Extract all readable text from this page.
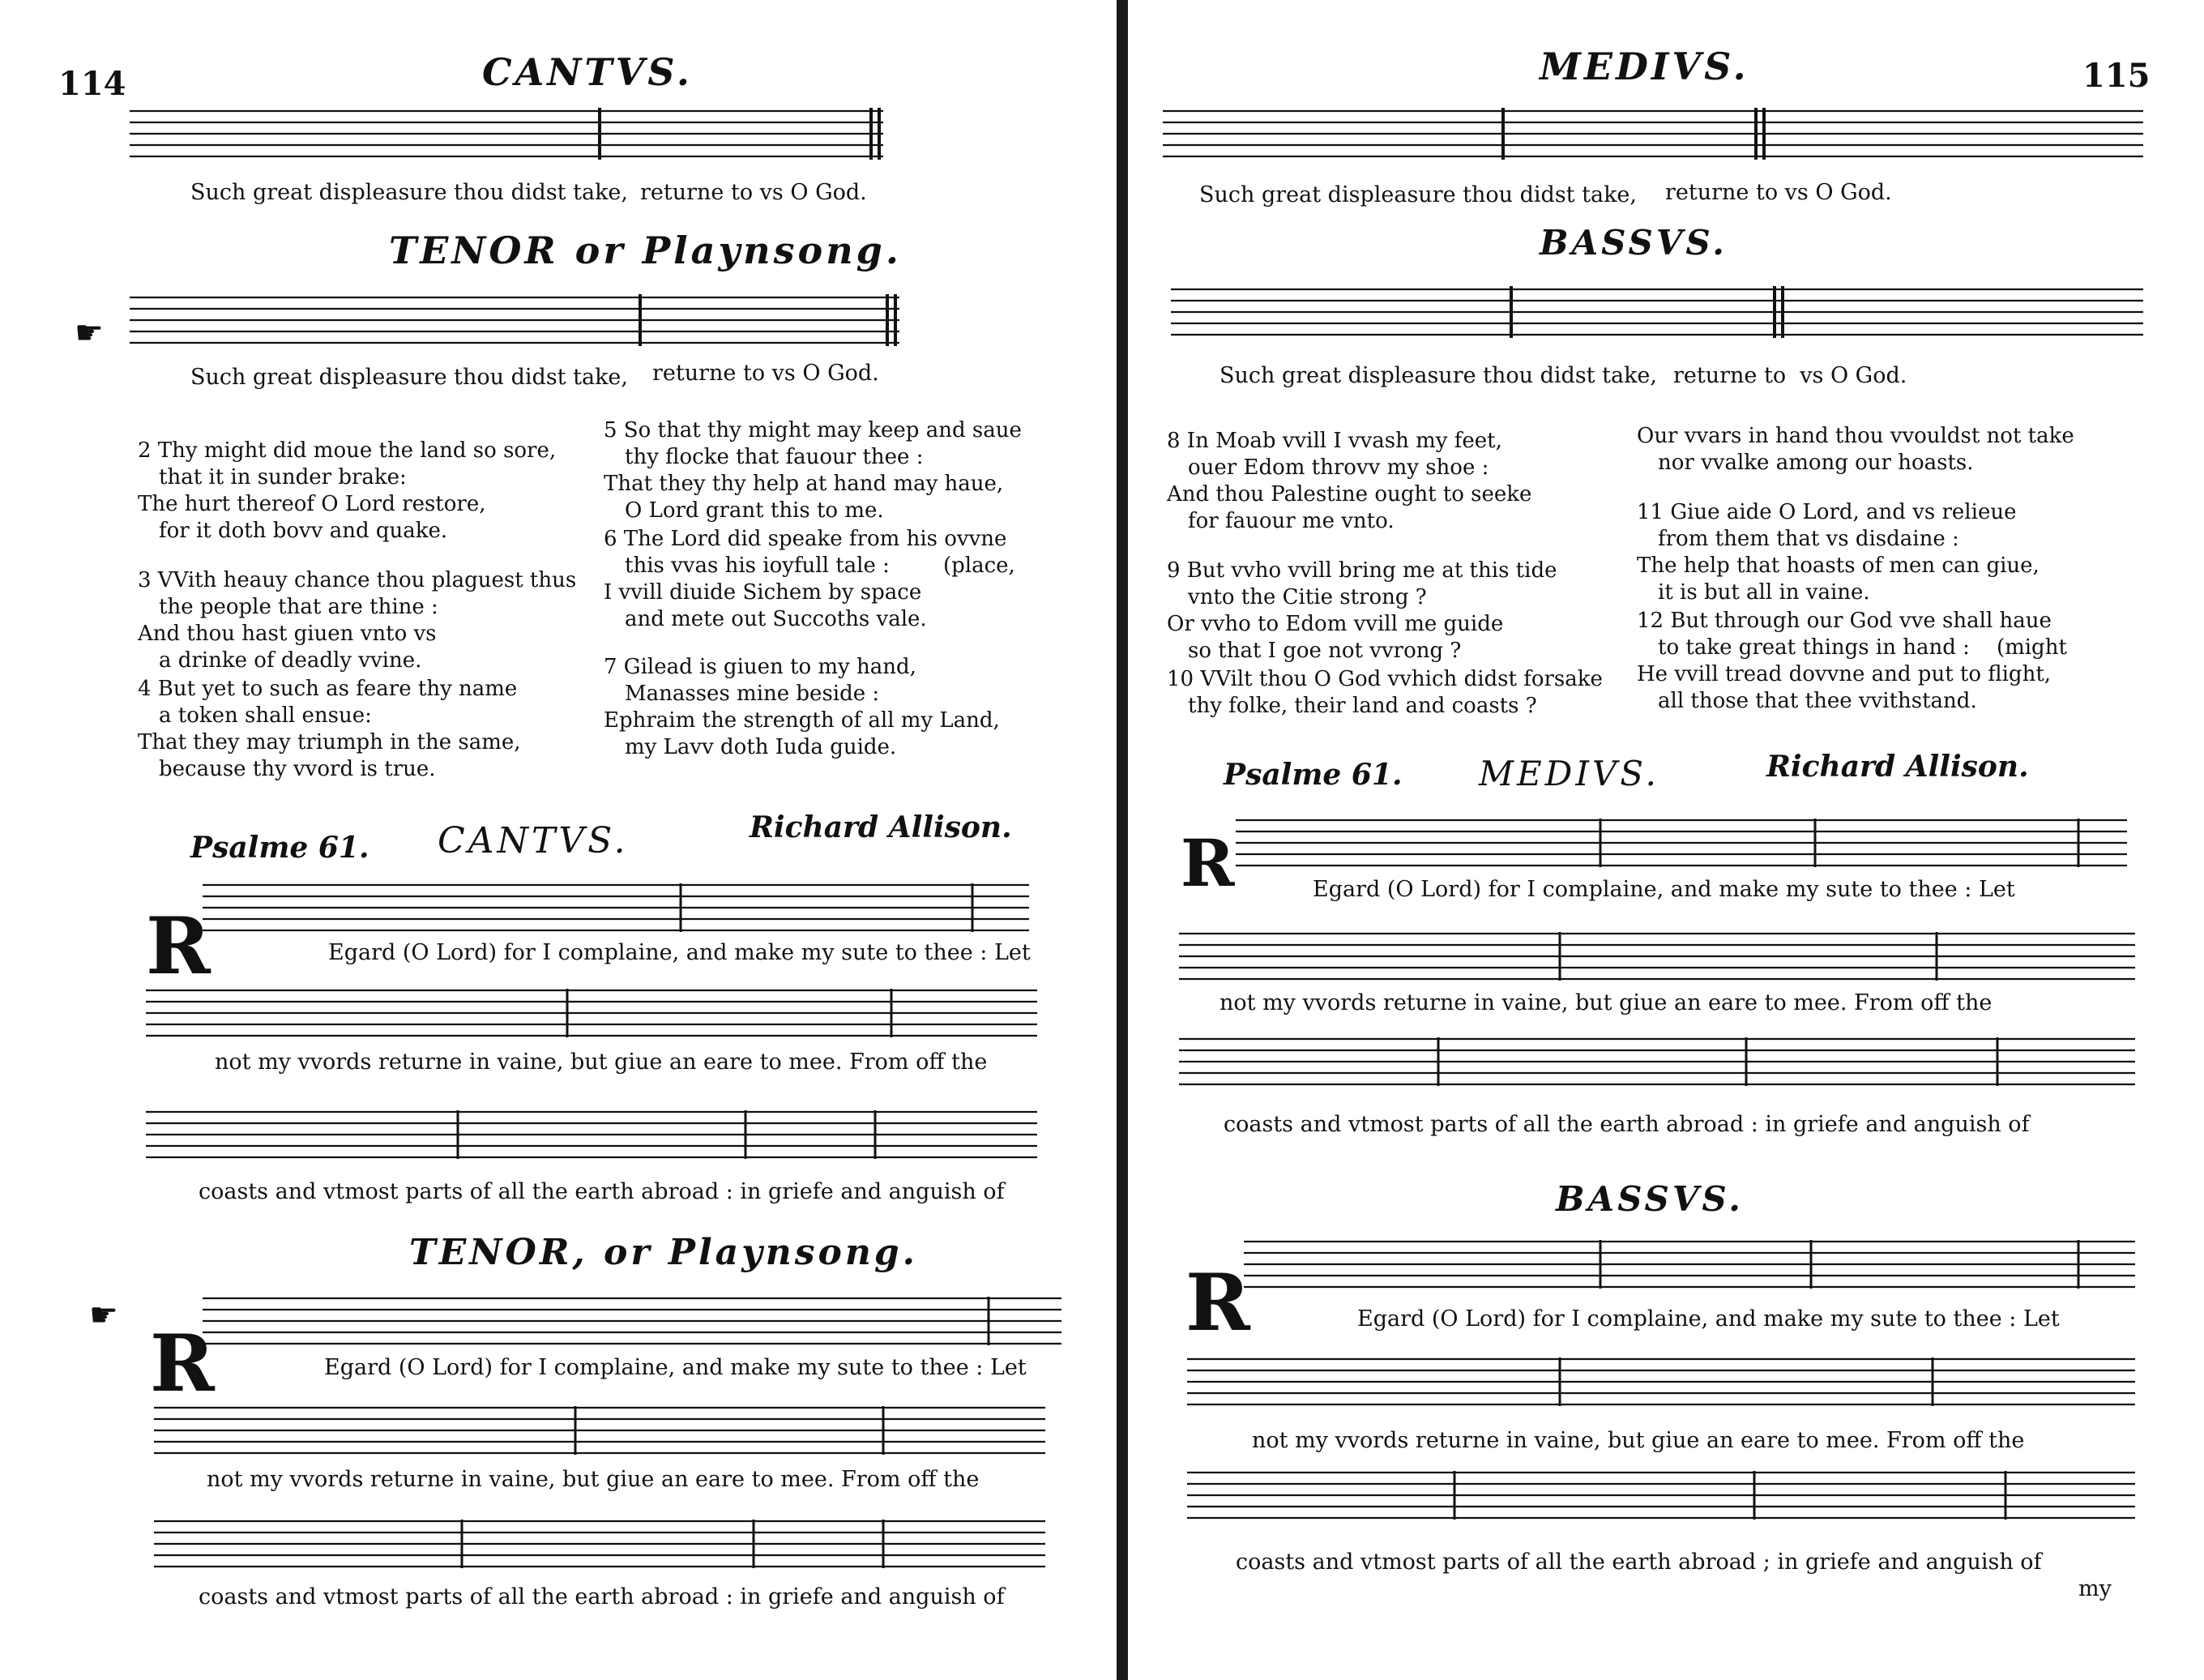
114	CANTVS.
Such great displeasure thou didst take, returne to vs O God.
TENOR or Playnsong.
☛
Such great displeasure thou didst take, returne to vs O God.

2 Thy might did moue the land so sore,
that it in sunder brake:
The hurt thereof O Lord restore,
for it doth bovv and quake.

3 VVith heauy chance thou plaguest thus
the people that are thine :
And thou hast giuen vnto vs
a drinke of deadly vvine.

4 But yet to such as feare thy name
a token shall ensue:
That they may triumph in the same,
because thy vvord is true.

5 So that thy might may keep and saue
thy flocke that fauour thee :
That they thy help at hand may haue,
O Lord grant this to me.

6 The Lord did speake from his ovvne
this vvas his ioyfull tale :        (place,
I vvill diuide Sichem by space
and mete out Succoths vale.

7 Gilead is giuen to my hand,
Manasses mine beside :
Ephraim the strength of all my Land,
my Lavv doth Iuda guide.

Psalme 61. CANTVS.	Richard Allison.
R	Egard (O Lord) for I complaine, and make my sute to thee : Let
not my vvords returne in vaine, but giue an eare to mee. From off the
coasts and vtmost parts of all the earth abroad : in griefe and anguish of
TENOR, or Playnsong.
☛
R	Egard (O Lord) for I complaine, and make my sute to thee : Let
not my vvords returne in vaine, but giue an eare to mee. From off the
coasts and vtmost parts of all the earth abroad : in griefe and anguish of
115
MEDIVS.
Such great displeasure thou didst take, returne to vs O God.
BASSVS.
Such great displeasure thou didst take, returne to  vs O God.

8 In Moab vvill I vvash my feet,
ouer Edom throvv my shoe :
And thou Palestine ought to seeke
for fauour me vnto.

9 But vvho vvill bring me at this tide
vnto the Citie strong ?
Or vvho to Edom vvill me guide
so that I goe not vvrong ?

10 VVilt thou O God vvhich didst forsake
thy folke, their land and coasts ?

Our vvars in hand thou vvouldst not take
nor vvalke among our hoasts.

11 Giue aide O Lord, and vs relieue
from them that vs disdaine :
The help that hoasts of men can giue,
it is but all in vaine.

12 But through our God vve shall haue
to take great things in hand :    (might
He vvill tread dovvne and put to flight,
all those that thee vvithstand.

Psalme 61. MEDIVS.	Richard Allison.
R	Egard (O Lord) for I complaine, and make my sute to thee : Let
not my vvords returne in vaine, but giue an eare to mee. From off the
coasts and vtmost parts of all the earth abroad : in griefe and anguish of
BASSVS.
R	Egard (O Lord) for I complaine, and make my sute to thee : Let
not my vvords returne in vaine, but giue an eare to mee. From off the
coasts and vtmost parts of all the earth abroad ; in griefe and anguish of
my
